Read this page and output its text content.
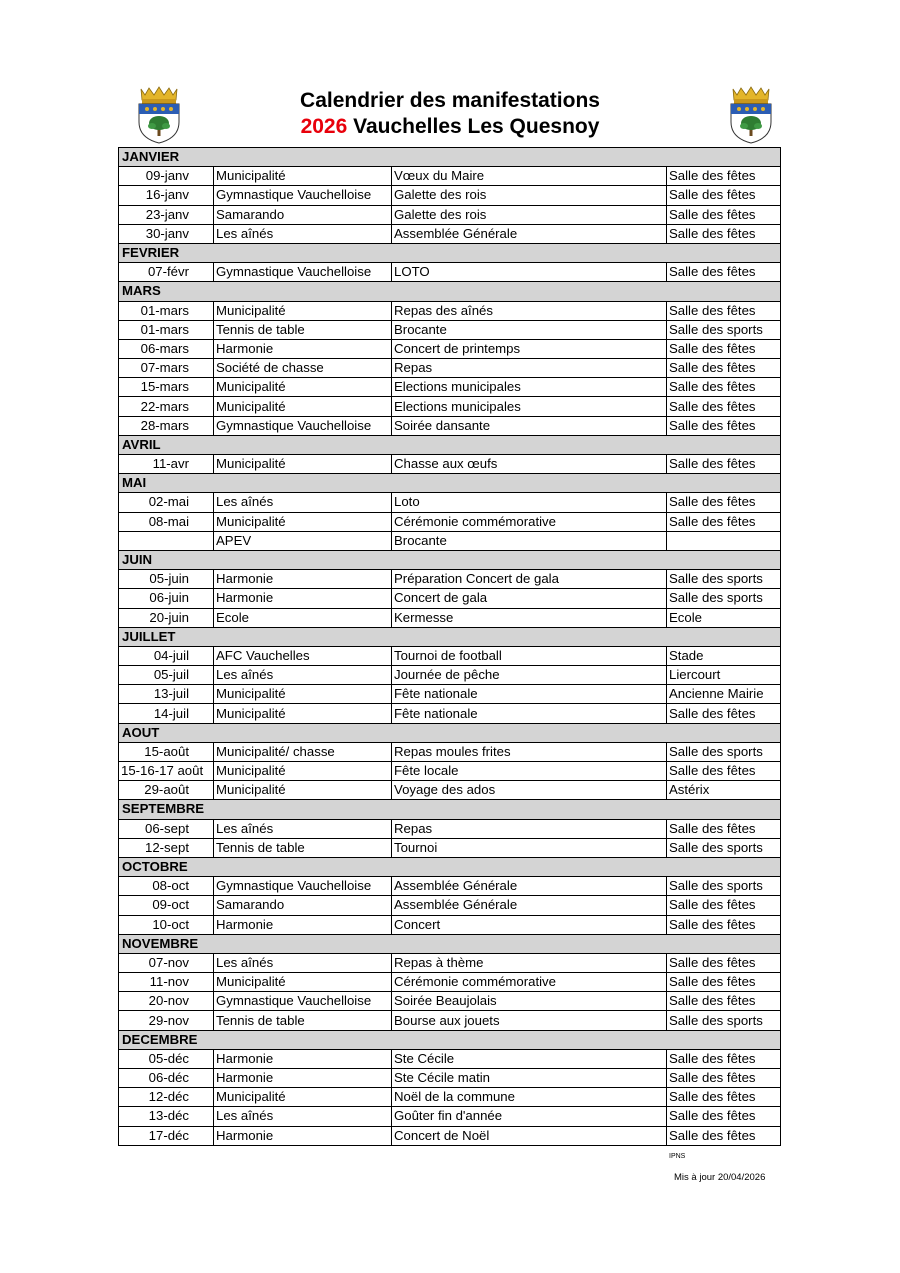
Calendrier des manifestations
2026 Vauchelles Les Quesnoy
JANVIER			
09-janv	Municipalité	Vœux du Maire	Salle des fêtes
16-janv	Gymnastique Vauchelloise	Galette des rois	Salle des fêtes
23-janv	Samarando	Galette des rois	Salle des fêtes
30-janv	Les aînés	Assemblée Générale	Salle des fêtes
FEVRIER			
07-févr	Gymnastique Vauchelloise	LOTO	Salle des fêtes
MARS			
01-mars	Municipalité	Repas des aînés	Salle des fêtes
01-mars	Tennis de table	Brocante	Salle des sports
06-mars	Harmonie	Concert de printemps	Salle des fêtes
07-mars	Société de chasse	Repas	Salle des fêtes
15-mars	Municipalité	Elections municipales	Salle des fêtes
22-mars	Municipalité	Elections municipales	Salle des fêtes
28-mars	Gymnastique Vauchelloise	Soirée dansante	Salle des fêtes
AVRIL			
11-avr	Municipalité	Chasse aux œufs	Salle des fêtes
MAI			
02-mai	Les aînés	Loto	Salle des fêtes
08-mai	Municipalité	Cérémonie commémorative	Salle des fêtes
	APEV	Brocante	
JUIN			
05-juin	Harmonie	Préparation Concert de gala	Salle des sports
06-juin	Harmonie	Concert de gala	Salle des sports
20-juin	Ecole	Kermesse	Ecole
JUILLET			
04-juil	AFC Vauchelles	Tournoi de football	Stade
05-juil	Les aînés	Journée de pêche	Liercourt
13-juil	Municipalité	Fête nationale	Ancienne Mairie
14-juil	Municipalité	Fête nationale	Salle des fêtes
AOUT			
15-août	Municipalité/ chasse	Repas moules frites	Salle des sports
15-16-17 août	Municipalité	Fête locale	Salle des fêtes
29-août	Municipalité	Voyage des ados	Astérix
SEPTEMBRE			
06-sept	Les aînés	Repas	Salle des fêtes
12-sept	Tennis de table	Tournoi	Salle des sports
OCTOBRE			
08-oct	Gymnastique Vauchelloise	Assemblée Générale	Salle des sports
09-oct	Samarando	Assemblée Générale	Salle des fêtes
10-oct	Harmonie	Concert	Salle des fêtes
NOVEMBRE			
07-nov	Les aînés	Repas à thème	Salle des fêtes
11-nov	Municipalité	Cérémonie commémorative	Salle des fêtes
20-nov	Gymnastique Vauchelloise	Soirée Beaujolais	Salle des fêtes
29-nov	Tennis de table	Bourse aux jouets	Salle des sports
DECEMBRE			
05-déc	Harmonie	Ste Cécile	Salle des fêtes
06-déc	Harmonie	Ste Cécile matin	Salle des fêtes
12-déc	Municipalité	Noël de la commune	Salle des fêtes
13-déc	Les aînés	Goûter fin d'année	Salle des fêtes
17-déc	Harmonie	Concert de Noël	Salle des fêtes
IPNS
Mis à jour 20/04/2026
